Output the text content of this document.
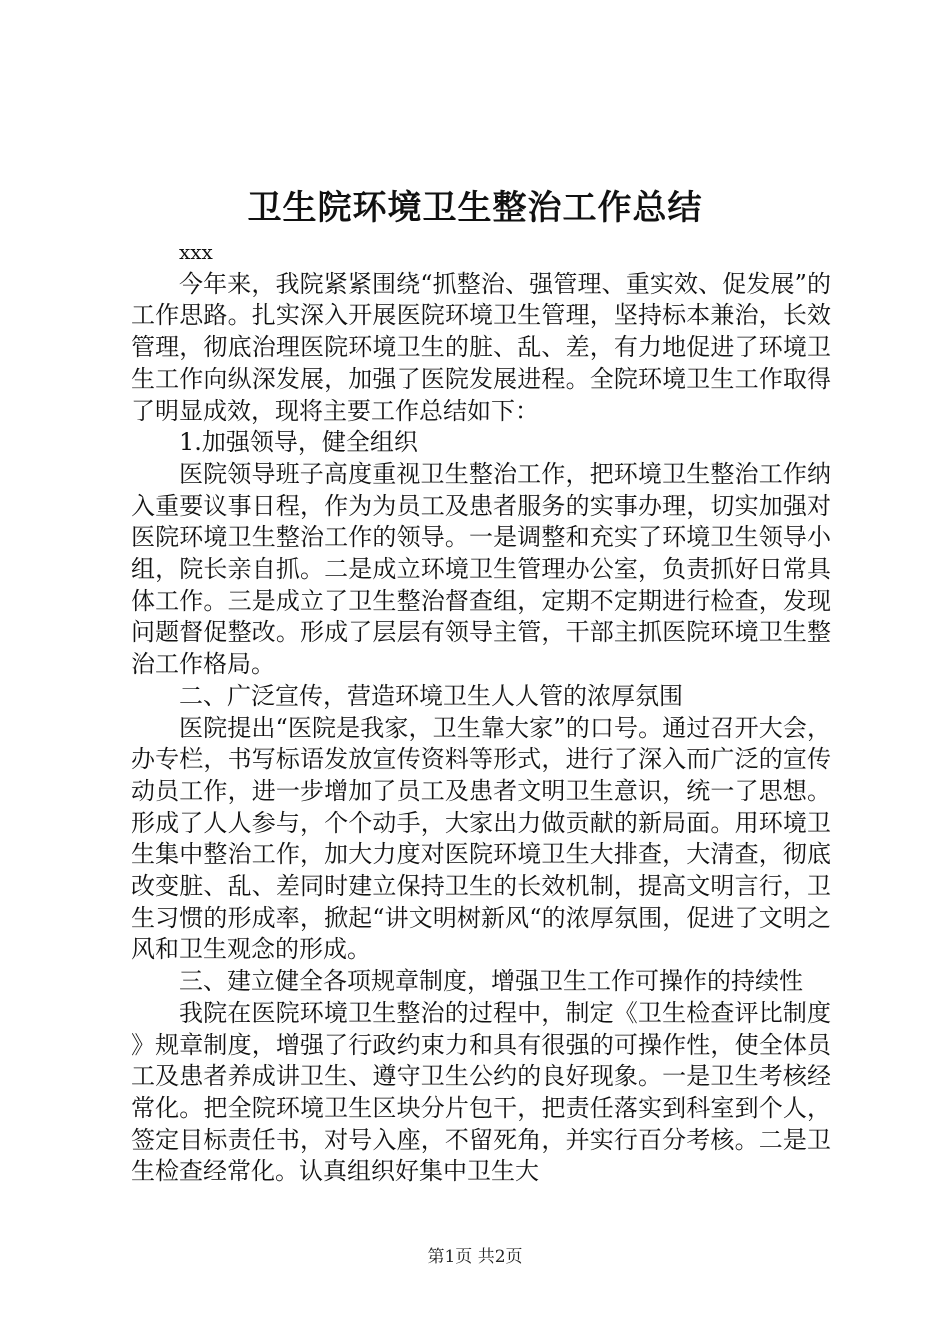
卫生院环境卫生整治工作总结

xxx

今年来，我院紧紧围绕“抓整治、强管理、重实效、促发展”的工作思路。扎实深入开展医院环境卫生管理，坚持标本兼治，长效管理，彻底治理医院环境卫生的脏、乱、差，有力地促进了环境卫生工作向纵深发展，加强了医院发展进程。全院环境卫生工作取得了明显成效，现将主要工作总结如下：

1.加强领导，健全组织

医院领导班子高度重视卫生整治工作，把环境卫生整治工作纳入重要议事日程，作为为员工及患者服务的实事办理，切实加强对医院环境卫生整治工作的领导。一是调整和充实了环境卫生领导小组，院长亲自抓。二是成立环境卫生管理办公室，负责抓好日常具体工作。三是成立了卫生整治督查组，定期不定期进行检查，发现问题督促整改。形成了层层有领导主管，干部主抓医院环境卫生整治工作格局。

二、广泛宣传，营造环境卫生人人管的浓厚氛围

医院提出“医院是我家，卫生靠大家”的口号。通过召开大会，办专栏，书写标语发放宣传资料等形式，进行了深入而广泛的宣传动员工作，进一步增加了员工及患者文明卫生意识，统一了思想。形成了人人参与，个个动手，大家出力做贡献的新局面。用环境卫生集中整治工作，加大力度对医院环境卫生大排查，大清查，彻底改变脏、乱、差同时建立保持卫生的长效机制，提高文明言行，卫生习惯的形成率，掀起“讲文明树新风“的浓厚氛围，促进了文明之风和卫生观念的形成。

三、建立健全各项规章制度，增强卫生工作可操作的持续性

我院在医院环境卫生整治的过程中，制定《卫生检查评比制度》规章制度，增强了行政约束力和具有很强的可操作性，使全体员工及患者养成讲卫生、遵守卫生公约的良好现象。一是卫生考核经常化。把全院环境卫生区块分片包干，把责任落实到科室到个人，签定目标责任书，对号入座，不留死角，并实行百分考核。二是卫生检查经常化。认真组织好集中卫生大

第1页 共2页
